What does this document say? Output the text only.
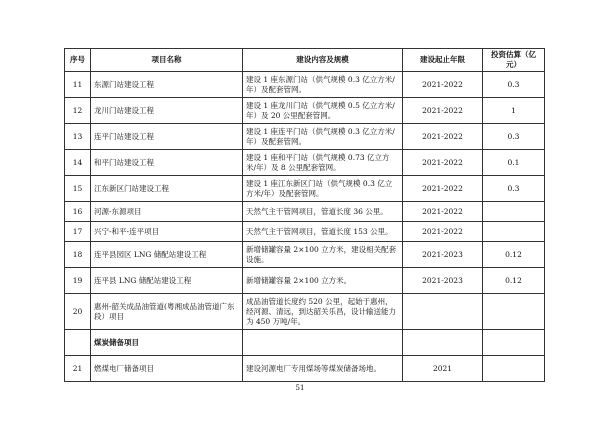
序号	项目名称	建设内容及规模	建设起止年限	投资估算（亿元）
11	东源门站建设工程	建设 1 座东源门站（供气规模 0.3 亿立方米/年）及配套管网。	2021-2022	0.3
12	龙川门站建设工程	建设 1 座龙川门站（供气规模 0.5 亿立方米/年）及 20 公里配套管网。	2021-2022	1
13	连平门站建设工程	建设 1 座连平门站（供气规模 0.3 亿立方米/年）及配套管网。	2021-2022	0.3
14	和平门站建设工程	建设 1 座和平门站（供气规模 0.73 亿立方米/年）及 8 公里配套管网。	2021-2022	0.1
15	江东新区门站建设工程	建设 1 座江东新区门站（供气规模 0.3 亿立方米/年）及配套管网。	2021-2022	0.3
16	河源-东源项目	天然气主干管网项目，管道长度 36 公里。	2021-2022	
17	兴宁-和平-连平项目	天然气主干管网项目，管道长度 153 公里。	2021-2022	
18	连平县园区 LNG 储配站建设工程	新增储罐容量 2×100 立方米，建设相关配套设施。	2021-2023	0.12
19	连平县 LNG 储配站建设工程	新增储罐容量 2×100 立方米。	2021-2023	0.12
20	惠州-韶关成品油管道(粤湘成品油管道广东段）项目	成品油管道长度约 520 公里，起始于惠州，经河源、清远，到达韶关乐昌，设计输送能力为 450 万吨/年。		
	煤炭储备项目			
21	燃煤电厂储备项目	建设河源电厂专用煤场等煤炭储备场地。	2021	
51
